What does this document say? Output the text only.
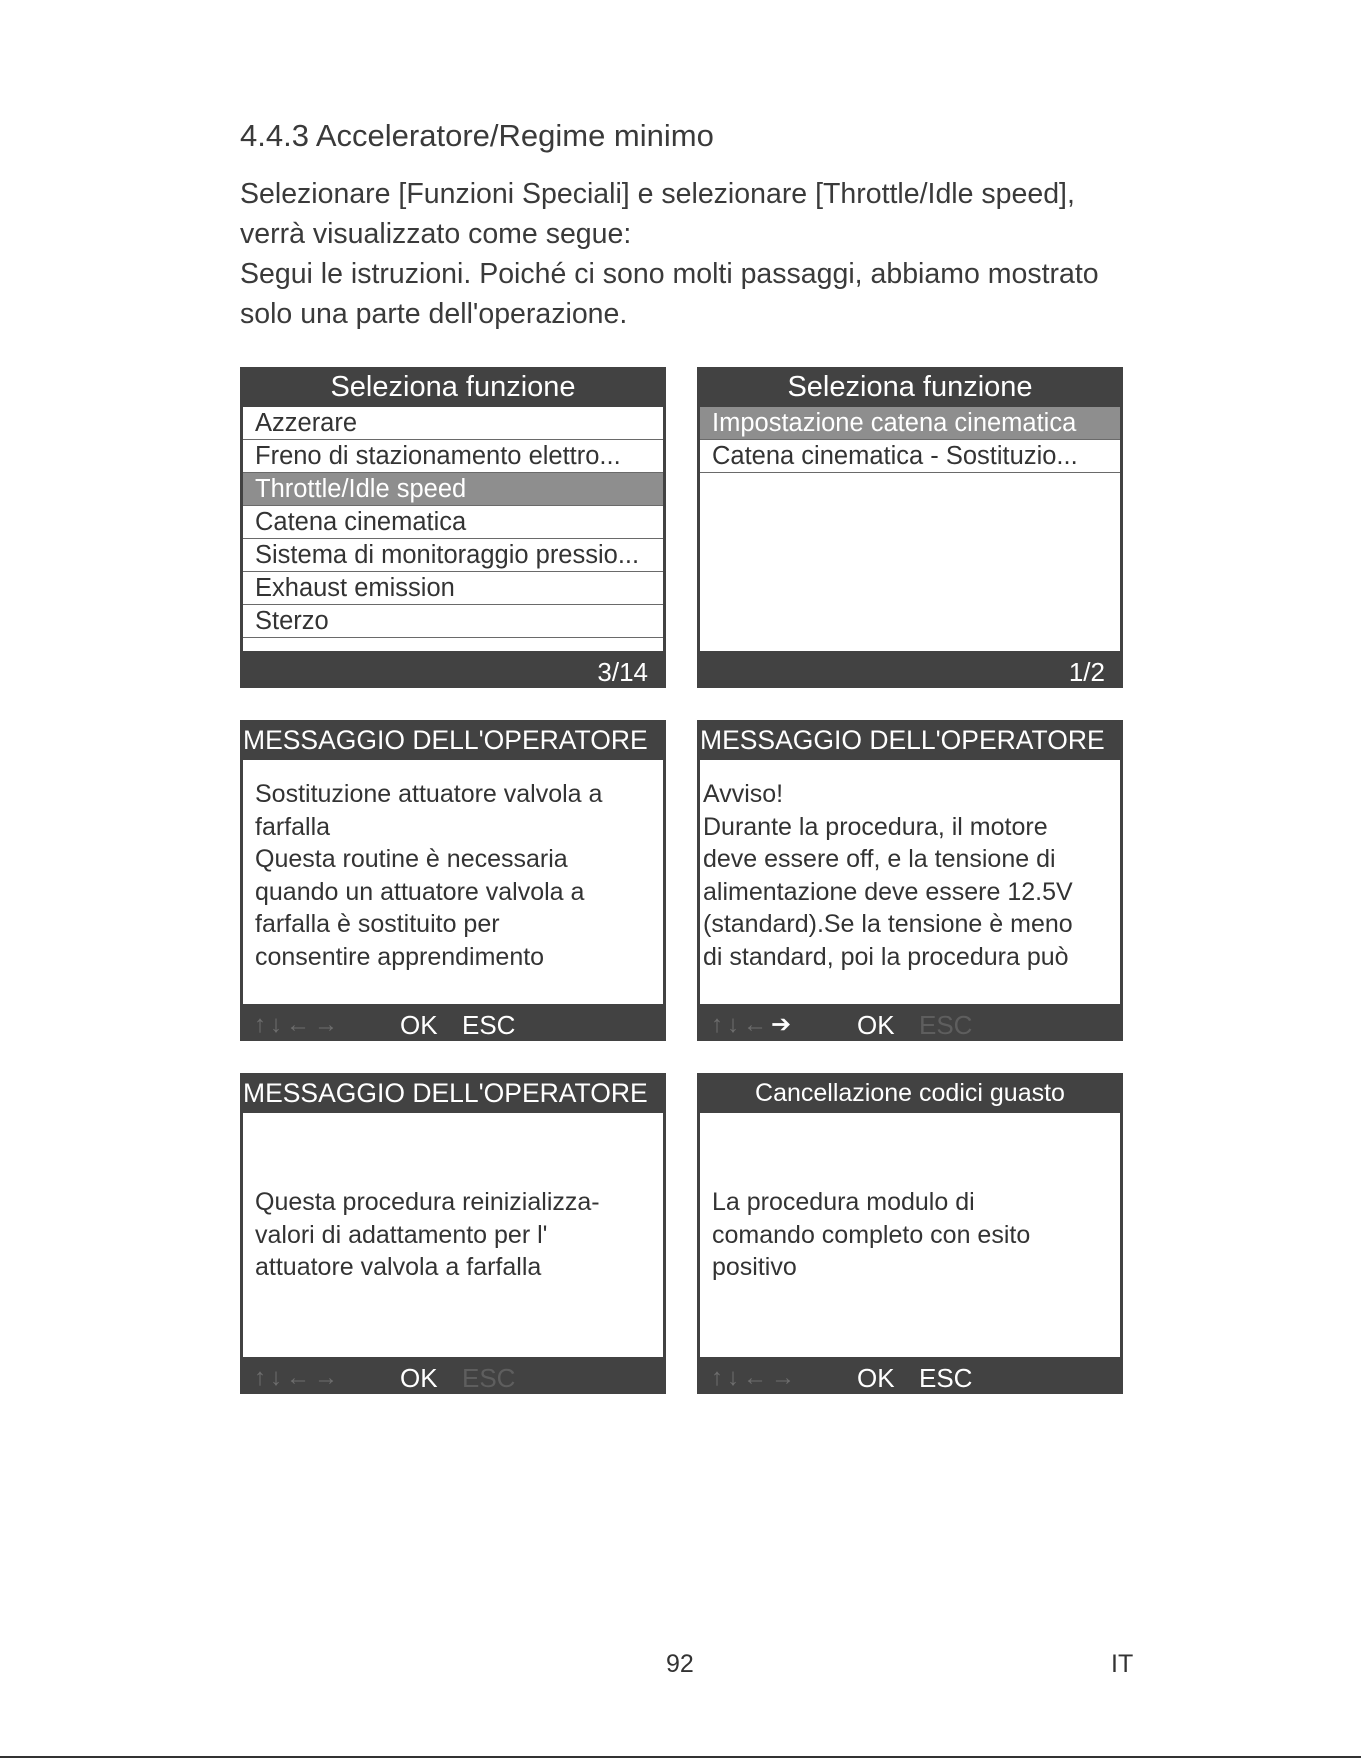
4.4.3 Acceleratore/Regime minimo

Selezionare [Funzioni Speciali] e selezionare [Throttle/Idle speed], verrà visualizzato come segue:

Segui le istruzioni. Poiché ci sono molti passaggi, abbiamo mostrato solo una parte dell'operazione.

Seleziona funzione
Azzerare
Freno di stazionamento elettro...
Throttle/Idle speed
Catena cinematica
Sistema di monitoraggio pressio...
Exhaust emission
Sterzo
3/14
Seleziona funzione
Impostazione catena cinematica
Catena cinematica - Sostituzio...
1/2
MESSAGGIO DELL'OPERATORE
Sostituzione attuatore valvola a
farfalla
Questa routine è necessaria
quando un attuatore valvola a
farfalla è sostituito per
consentire apprendimento
↑↓←→ OK ESC
MESSAGGIO DELL'OPERATORE
Avviso!
Durante la procedura, il motore
deve essere off, e la tensione di
alimentazione deve essere 12.5V
(standard).Se la tensione è meno
di standard, poi la procedura può
↑↓←➔ OK ESC
MESSAGGIO DELL'OPERATORE
Questa procedura reinizializza-
valori di adattamento per l'
attuatore valvola a farfalla
↑↓←→ OK ESC
Cancellazione codici guasto
La procedura modulo di
comando completo con esito
positivo
↑↓←→ OK ESC
92	IT
